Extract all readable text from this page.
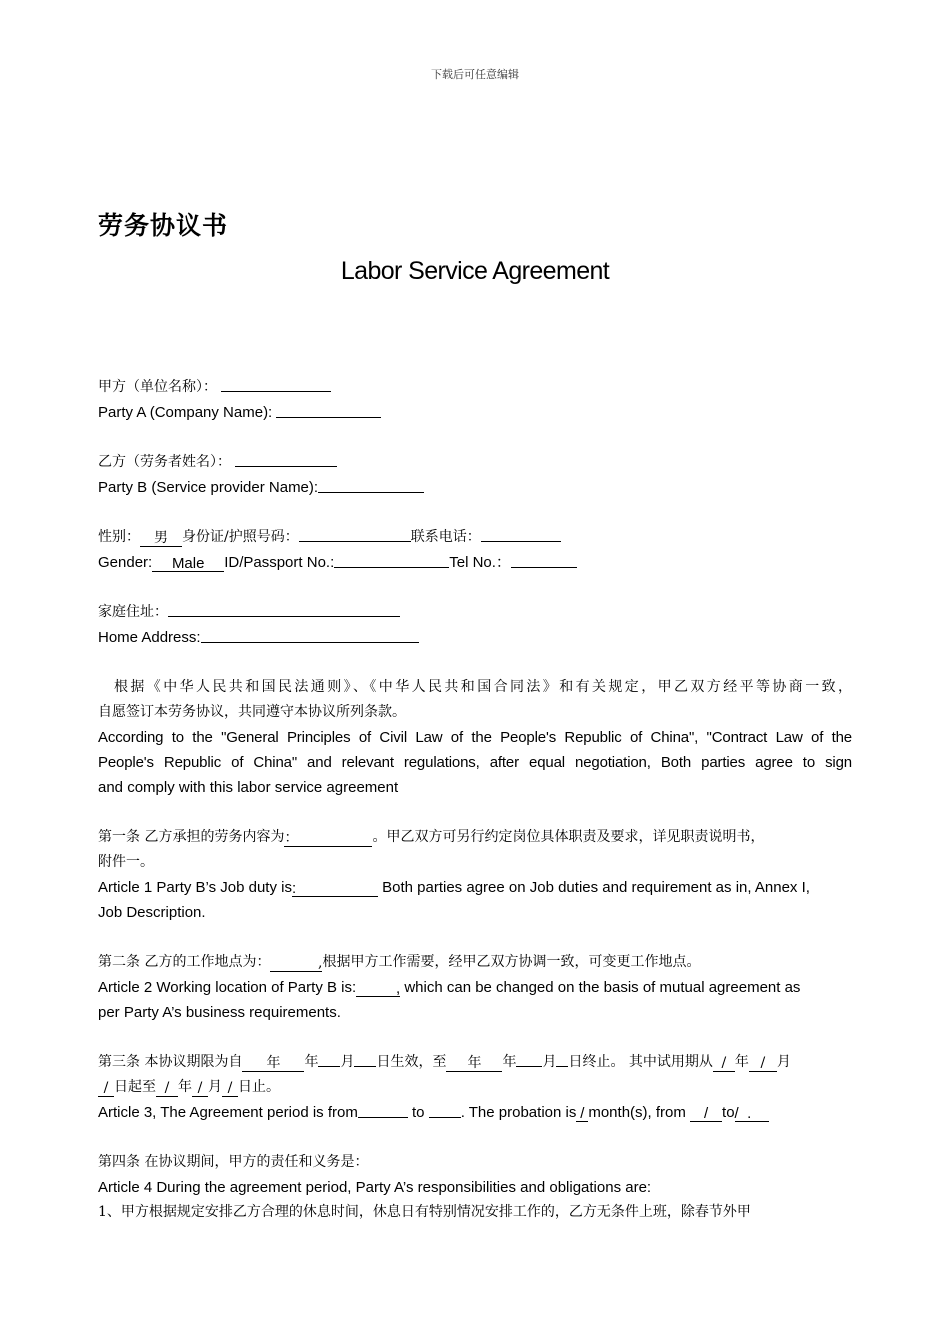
下载后可任意编辑
劳务协议书
Labor Service Agreement
甲方（单位名称）：
Party A (Company Name):
乙方（劳务者姓名）：
Party B (Service provider Name):
性别： 男 身份证/护照号码：	联系电话：
Gender: Male ID/Passport No.:	Tel No.：
家庭住址：
Home Address:
根据《中华人民共和国民法通则》、《中华人民共和国合同法》和有关规定，甲乙双方经平等协商一致，
自愿签订本劳务协议，共同遵守本协议所列条款。
According to the "General Principles of Civil Law of the People's Republic of China", "Contract Law of the
People's Republic of China" and relevant regulations, after equal negotiation, Both parties agree to sign
and comply with this labor service agreement
第一条 乙方承担的劳务内容为：	。甲乙双方可另行约定岗位具体职责及要求，详见职责说明书，
附件一。
Article 1 Party B’s Job duty is:	Both parties agree on Job duties and requirement as in, Annex I,
Job Description.
第二条 乙方的工作地点为：	,根据甲方工作需要，经甲乙双方协调一致，可变更工作地点。
Article 2 Working location of Party B is:	, which can be changed on the basis of mutual agreement as
per Party A’s business requirements.
第三条 本协议期限为自 年 年 月 日生效，至 年 年 月 日终止。 其中试用期从 / 年 / 月
/ 日起至 / 年 / 月 / 日止。
Article 3, The Agreement period is from	to . The probation is / month(s), from / to/ .
第四条 在协议期间，甲方的责任和义务是：
Article 4 During the agreement period, Party A’s responsibilities and obligations are:
1、甲方根据规定安排乙方合理的休息时间，休息日有特别情况安排工作的，乙方无条件上班，除春节外甲
